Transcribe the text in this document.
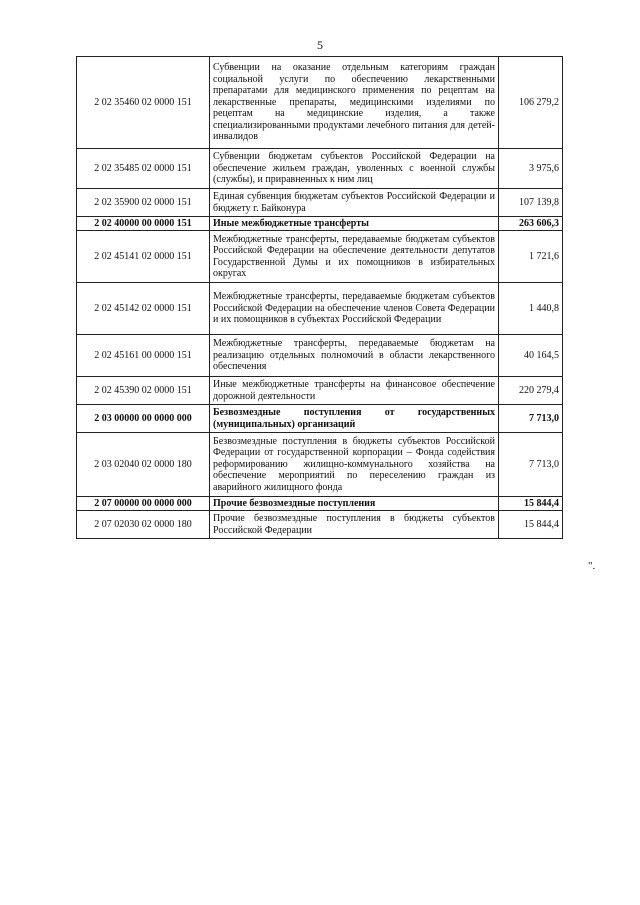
5
2 02 35460 02 0000 151	Субвенции на оказание отдельным категориям граждан социальной услуги по обеспечению лекарственными препаратами для медицинского применения по рецептам на лекарственные препараты, медицинскими изделиями по рецептам на медицинские изделия, а также специализированными продуктами лечебного питания для детей-инвалидов	106 279,2
2 02 35485 02 0000 151	Субвенции бюджетам субъектов Российской Федерации на обеспечение жильем граждан, уволенных с военной службы (службы), и приравненных к ним лиц	3 975,6
2 02 35900 02 0000 151	Единая субвенция бюджетам субъектов Российской Федерации и бюджету г. Байконура	107 139,8
2 02 40000 00 0000 151	Иные межбюджетные трансферты	263 606,3
2 02 45141 02 0000 151	Межбюджетные трансферты, передаваемые бюджетам субъектов Российской Федерации на обеспечение деятельности депутатов Государственной Думы и их помощников в избирательных округах	1 721,6
2 02 45142 02 0000 151	Межбюджетные трансферты, передаваемые бюджетам субъектов Российской Федерации на обеспечение членов Совета Федерации и их помощников в субъектах Российской Федерации	1 440,8
2 02 45161 00 0000 151	Межбюджетные трансферты, передаваемые бюджетам на реализацию отдельных полномочий в области лекарственного обеспечения	40 164,5
2 02 45390 02 0000 151	Иные межбюджетные трансферты на финансовое обеспечение дорожной деятельности	220 279,4
2 03 00000 00 0000 000	Безвозмездные поступления от государственных (муниципальных) организаций	7 713,0
2 03 02040 02 0000 180	Безвозмездные поступления в бюджеты субъектов Российской Федерации от государственной корпорации – Фонда содействия реформированию жилищно-коммунального хозяйства на обеспечение мероприятий по переселению граждан из аварийного жилищного фонда	7 713,0
2 07 00000 00 0000 000	Прочие безвозмездные поступления	15 844,4
2 07 02030 02 0000 180	Прочие безвозмездные поступления в бюджеты субъектов Российской Федерации	15 844,4
".
